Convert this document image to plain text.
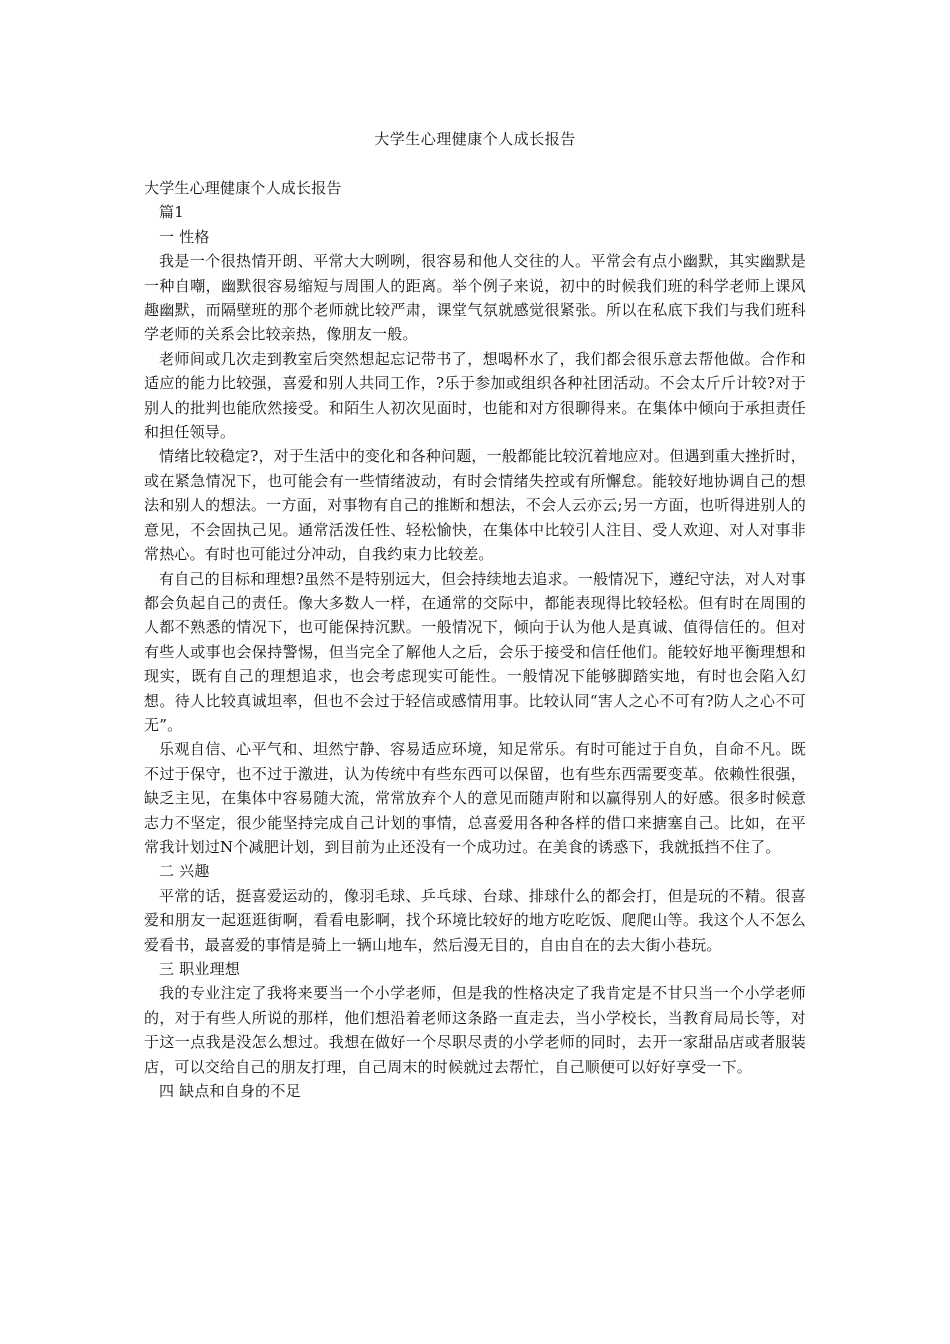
大学生心理健康个人成长报告

大学生心理健康个人成长报告

篇1

一 性格

我是一个很热情开朗、平常大大咧咧，很容易和他人交往的人。平常会有点小幽默，其实幽默是一种自嘲，幽默很容易缩短与周围人的距离。举个例子来说，初中的时候我们班的科学老师上课风趣幽默，而隔壁班的那个老师就比较严肃，课堂气氛就感觉很紧张。所以在私底下我们与我们班科学老师的关系会比较亲热，像朋友一般。

老师间或几次走到教室后突然想起忘记带书了，想喝杯水了，我们都会很乐意去帮他做。合作和适应的能力比较强，喜爱和别人共同工作，?乐于参加或组织各种社团活动。不会太斤斤计较?对于别人的批判也能欣然接受。和陌生人初次见面时，也能和对方很聊得来。在集体中倾向于承担责任和担任领导。

情绪比较稳定?，对于生活中的变化和各种问题，一般都能比较沉着地应对。但遇到重大挫折时，或在紧急情况下，也可能会有一些情绪波动，有时会情绪失控或有所懈怠。能较好地协调自己的想法和别人的想法。一方面，对事物有自己的推断和想法，不会人云亦云;另一方面，也听得进别人的意见，不会固执己见。通常活泼任性、轻松愉快，在集体中比较引人注目、受人欢迎、对人对事非常热心。有时也可能过分冲动，自我约束力比较差。

有自己的目标和理想?虽然不是特别远大，但会持续地去追求。一般情况下，遵纪守法，对人对事都会负起自己的责任。像大多数人一样，在通常的交际中，都能表现得比较轻松。但有时在周围的人都不熟悉的情况下，也可能保持沉默。一般情况下，倾向于认为他人是真诚、值得信任的。但对有些人或事也会保持警惕，但当完全了解他人之后，会乐于接受和信任他们。能较好地平衡理想和现实，既有自己的理想追求，也会考虑现实可能性。一般情况下能够脚踏实地，有时也会陷入幻想。待人比较真诚坦率，但也不会过于轻信或感情用事。比较认同“害人之心不可有?防人之心不可无”。

乐观自信、心平气和、坦然宁静、容易适应环境，知足常乐。有时可能过于自负，自命不凡。既不过于保守，也不过于激进，认为传统中有些东西可以保留，也有些东西需要变革。依赖性很强，缺乏主见，在集体中容易随大流，常常放弃个人的意见而随声附和以赢得别人的好感。很多时候意志力不坚定，很少能坚持完成自己计划的事情，总喜爱用各种各样的借口来搪塞自己。比如，在平常我计划过N个减肥计划，到目前为止还没有一个成功过。在美食的诱惑下，我就抵挡不住了。

二 兴趣

平常的话，挺喜爱运动的，像羽毛球、乒乓球、台球、排球什么的都会打，但是玩的不精。很喜爱和朋友一起逛逛街啊，看看电影啊，找个环境比较好的地方吃吃饭、爬爬山等。我这个人不怎么爱看书，最喜爱的事情是骑上一辆山地车，然后漫无目的，自由自在的去大街小巷玩。

三 职业理想

我的专业注定了我将来要当一个小学老师，但是我的性格决定了我肯定是不甘只当一个小学老师的，对于有些人所说的那样，他们想沿着老师这条路一直走去，当小学校长，当教育局局长等，对于这一点我是没怎么想过。我想在做好一个尽职尽责的小学老师的同时，去开一家甜品店或者服装店，可以交给自己的朋友打理，自己周末的时候就过去帮忙，自己顺便可以好好享受一下。

四 缺点和自身的不足
